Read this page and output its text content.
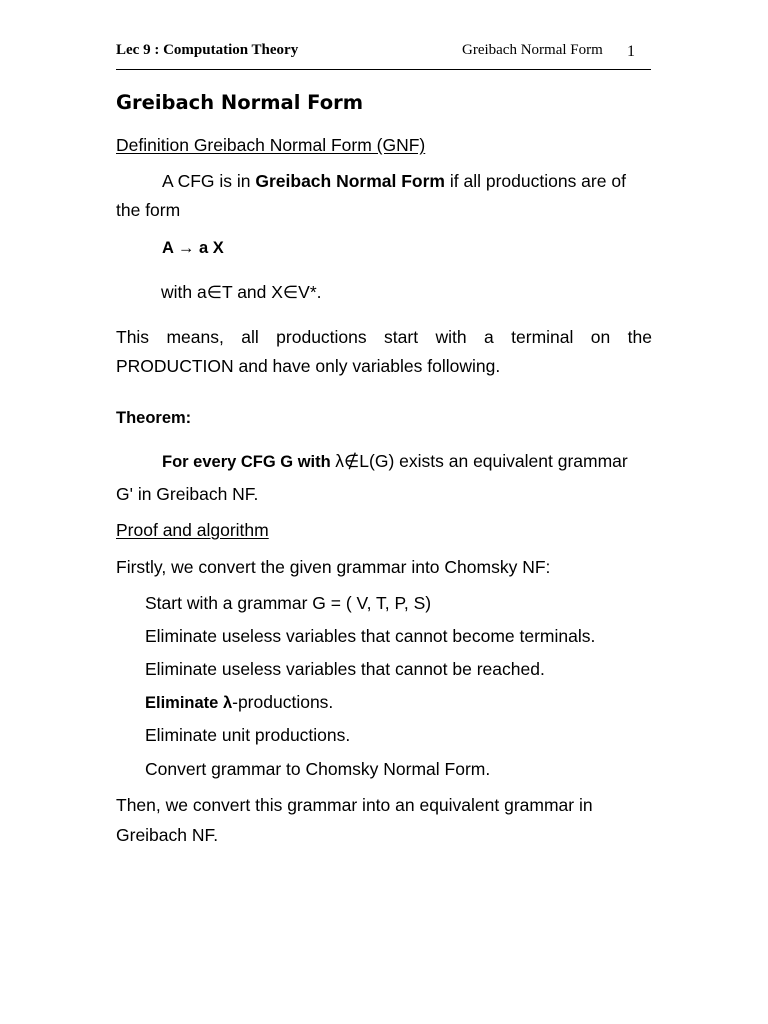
Lec 9 : Computation Theory	Greibach Normal Form 1
Greibach Normal Form
Definition Greibach Normal Form (GNF)
A CFG is in Greibach Normal Form if all productions are of
the form
A → a X
with a∈T and X∈V*.
This means, all productions start with a terminal on the
PRODUCTION and have only variables following.
Theorem:
For every CFG G with λ∉L(G) exists an equivalent grammar
G' in Greibach NF.
Proof and algorithm
Firstly, we convert the given grammar into Chomsky NF:
Start with a grammar G = ( V, T, P, S)
Eliminate useless variables that cannot become terminals.
Eliminate useless variables that cannot be reached.
Eliminate λ-productions.
Eliminate unit productions.
Convert grammar to Chomsky Normal Form.
Then, we convert this grammar into an equivalent grammar in
Greibach NF.
